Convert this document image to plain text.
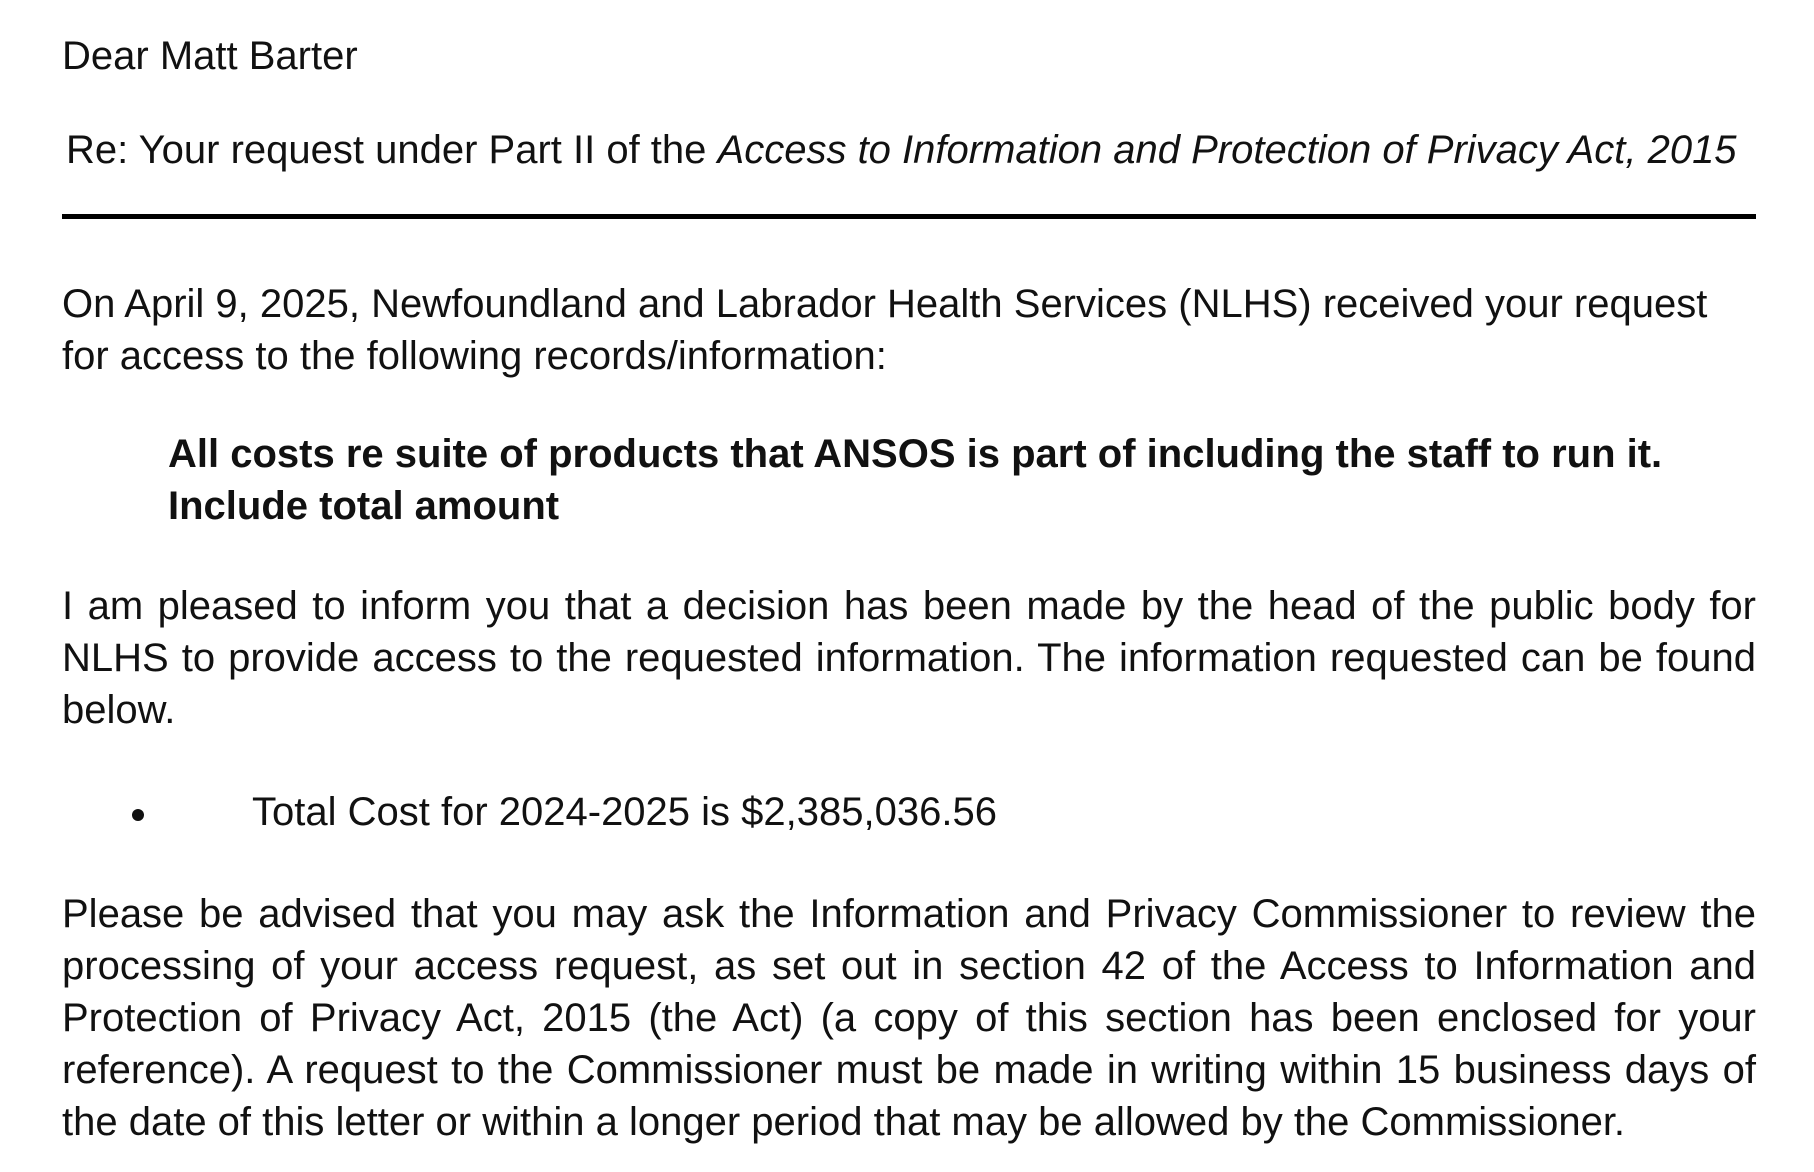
Dear Matt Barter
Re: Your request under Part II of the Access to Information and Protection of Privacy Act, 2015

On April 9, 2025, Newfoundland and Labrador Health Services (NLHS) received your request for access to the following records/information:

All costs re suite of products that ANSOS is part of including the staff to run it. Include total amount

I am pleased to inform you that a decision has been made by the head of the public body for NLHS to provide access to the requested information. The information requested can be found below.

Total Cost for 2024-2025 is $2,385,036.56

Please be advised that you may ask the Information and Privacy Commissioner to review the processing of your access request, as set out in section 42 of the Access to Information and Protection of Privacy Act, 2015 (the Act) (a copy of this section has been enclosed for your reference). A request to the Commissioner must be made in writing within 15 business days of the date of this letter or within a longer period that may be allowed by the Commissioner.
